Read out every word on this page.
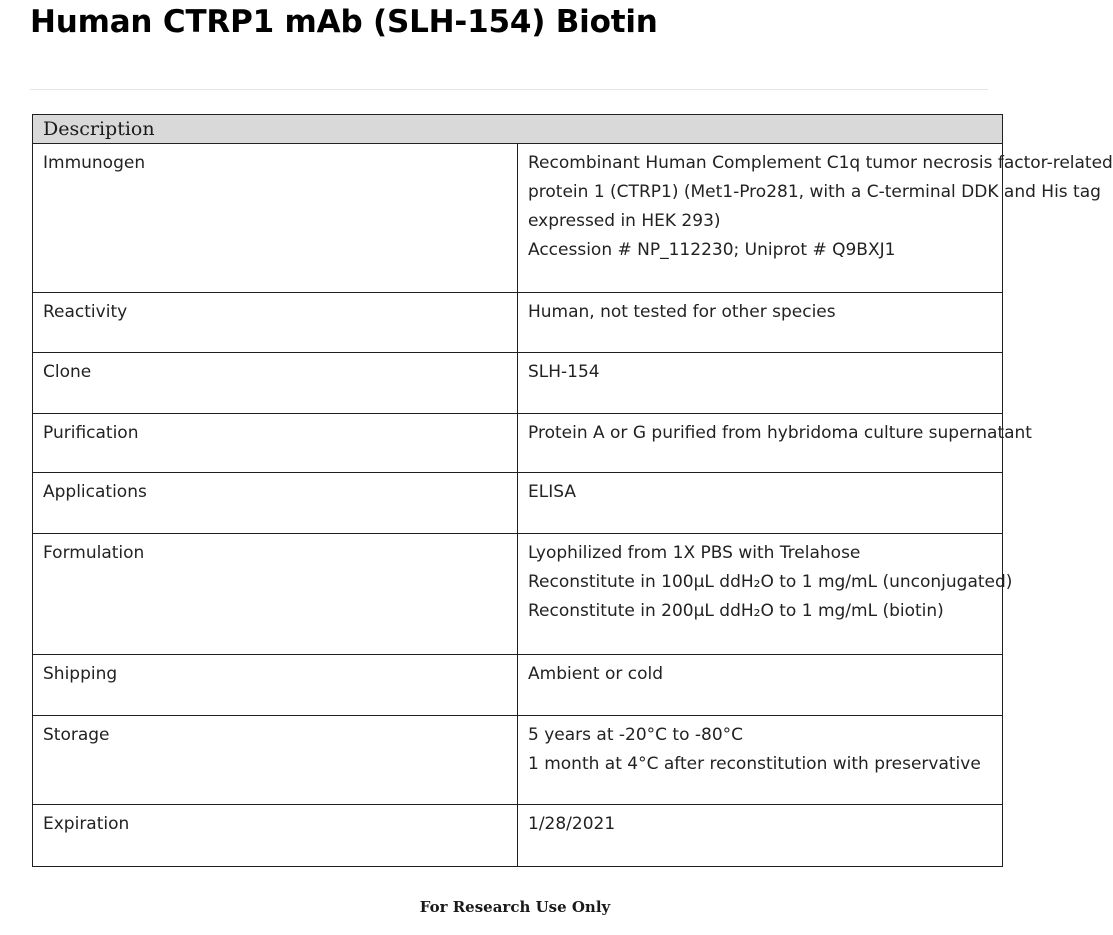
Human CTRP1 mAb (SLH-154) Biotin
Description	
Immunogen	Recombinant Human Complement C1q tumor necrosis factor-related
protein 1 (CTRP1) (Met1-Pro281, with a C-terminal DDK and His tag
expressed in HEK 293)
Accession # NP_112230; Uniprot # Q9BXJ1

Reactivity	Human, not tested for other species

Clone	SLH-154

Purification	Protein A or G purified from hybridoma culture supernatant

Applications	ELISA

Formulation	Lyophilized from 1X PBS with Trelahose
Reconstitute in 100µL ddH₂O to 1 mg/mL (unconjugated)
Reconstitute in 200µL ddH₂O to 1 mg/mL (biotin)

Shipping	Ambient or cold

Storage	5 years at -20°C to -80°C
1 month at 4°C after reconstitution with preservative

Expiration	1/28/2021
For Research Use Only
